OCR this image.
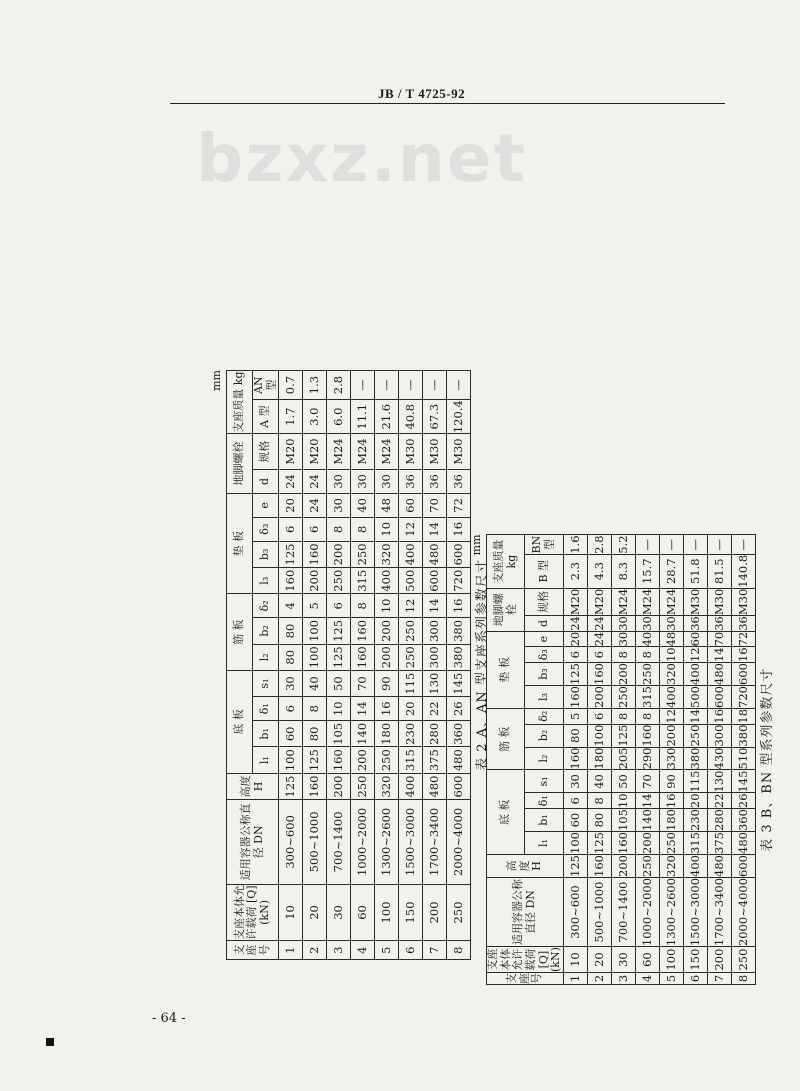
bzxz.net
JB / T 4725-92
mm
支座号	支座本体允许载荷 [Q](kN)	适用容器公称直径 DN	高度 H	底 板				筋 板			垫 板				地脚螺栓		支座质量 kg	
				l₁	b₁	δ₁	s₁	l₂	b₂	δ₂	l₃	b₃	δ₃	e	d	规格	A 型	AN 型
1	10	300~600	125	100	60	6	30	80	80	4	160	125	6	20	24	M20	1.7	0.7
2	20	500~1000	160	125	80	8	40	100	100	5	200	160	6	24	24	M20	3.0	1.3
3	30	700~1400	200	160	105	10	50	125	125	6	250	200	8	30	30	M24	6.0	2.8
4	60	1000~2000	250	200	140	14	70	160	160	8	315	250	8	40	30	M24	11.1	—
5	100	1300~2600	320	250	180	16	90	200	200	10	400	320	10	48	30	M24	21.6	—
6	150	1500~3000	400	315	230	20	115	250	250	12	500	400	12	60	36	M30	40.8	—
7	200	1700~3400	480	375	280	22	130	300	300	14	600	480	14	70	36	M30	67.3	—
8	250	2000~4000	600	480	360	26	145	380	380	16	720	600	16	72	36	M30	120.4	—
表 2 A、AN 型支座系列参数尺寸
mm
支座号	支座本体允许载荷 [Q](kN)	适用容器公称直径 DN	高度 H	底 板				筋 板			垫 板				地脚螺栓		支座质量 kg	
				l₁	b₁	δ₁	s₁	l₂	b₂	δ₂	l₃	b₃	δ₃	e	d	规格	B 型	BN 型
1	10	300~600	125	100	60	6	30	160	80	5	160	125	6	20	24	M20	2.3	1.6
2	20	500~1000	160	125	80	8	40	180	100	6	200	160	6	24	24	M20	4.3	2.8
3	30	700~1400	200	160	105	10	50	205	125	8	250	200	8	30	30	M24	8.3	5.2
4	60	1000~2000	250	200	140	14	70	290	160	8	315	250	8	40	30	M24	15.7	—
5	100	1300~2600	320	250	180	16	90	330	200	12	400	320	10	48	30	M24	28.7	—
6	150	1500~3000	400	315	230	20	115	380	250	14	500	400	12	60	36	M30	51.8	—
7	200	1700~3400	480	375	280	22	130	430	300	16	600	480	14	70	36	M30	81.5	—
8	250	2000~4000	600	480	360	26	145	510	380	18	720	600	16	72	36	M30	140.8	—
表 3 B、BN 型系列参数尺寸
- 64 -
